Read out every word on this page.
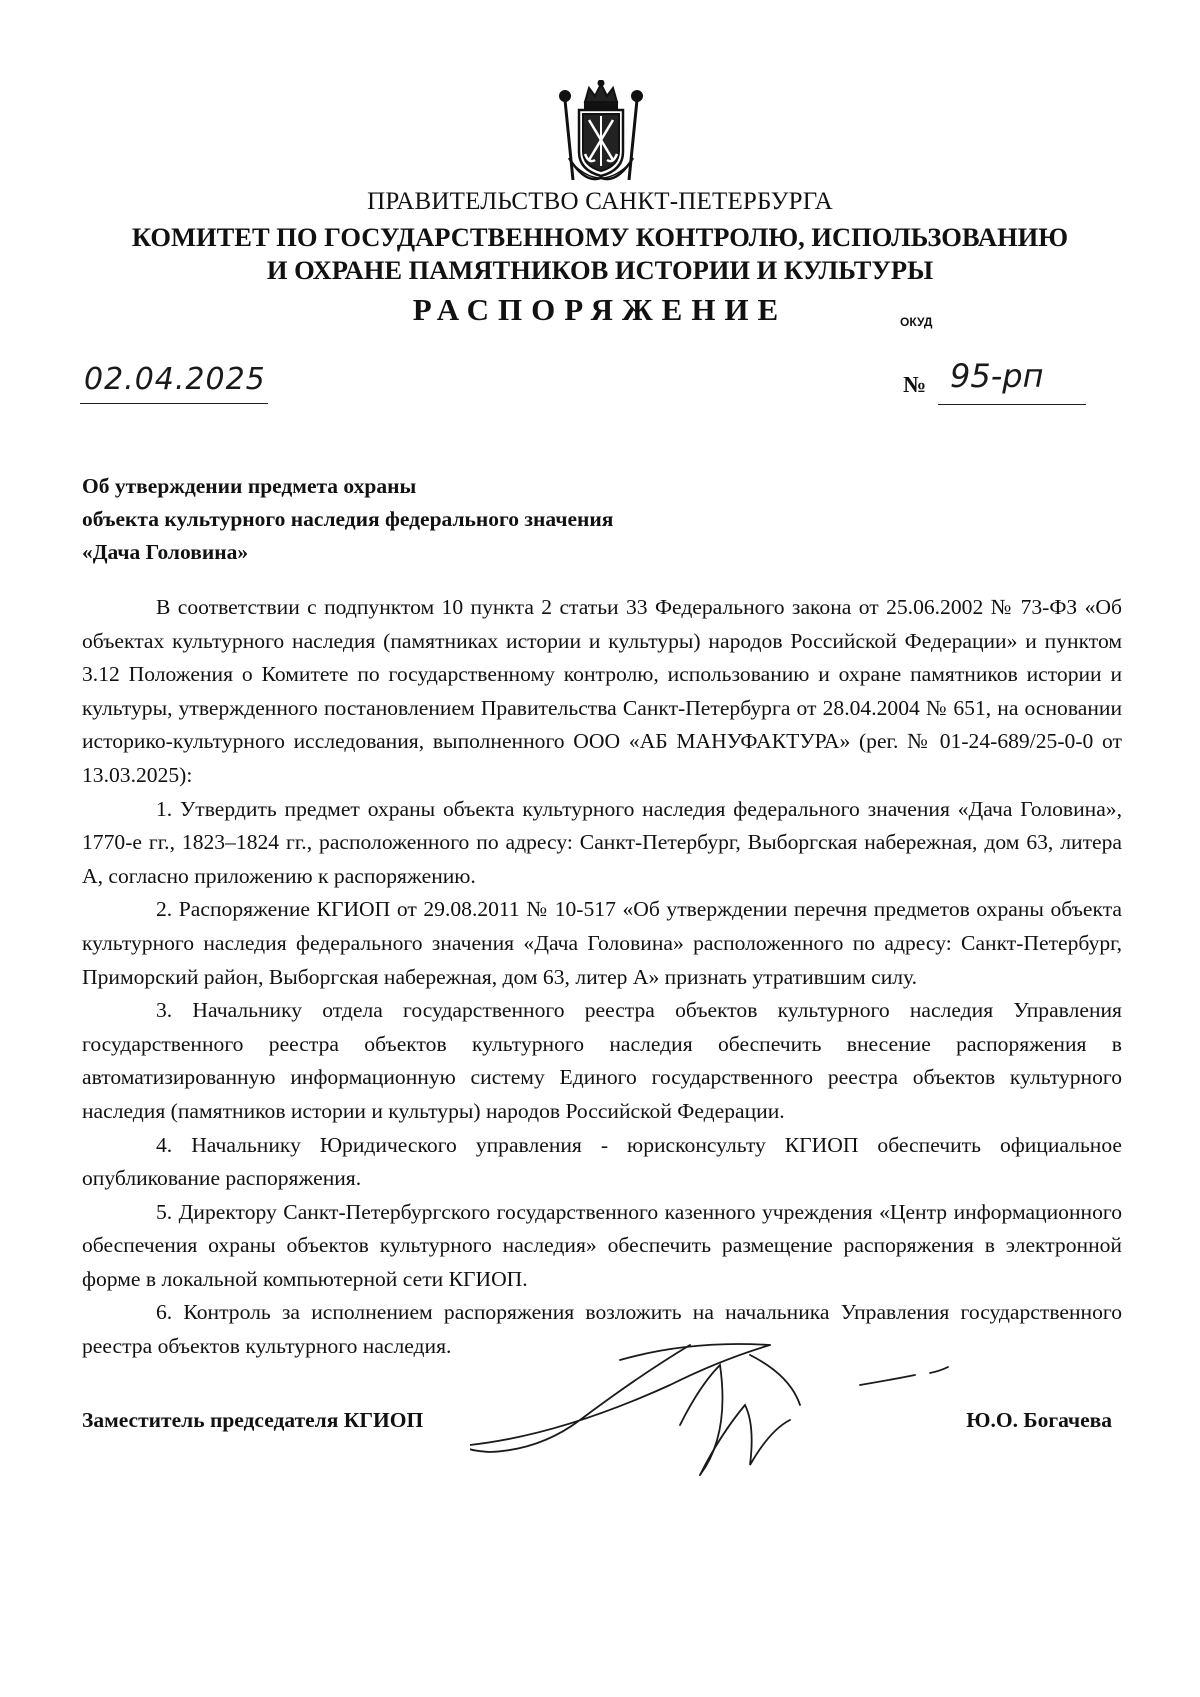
ПРАВИТЕЛЬСТВО САНКТ-ПЕТЕРБУРГА
КОМИТЕТ ПО ГОСУДАРСТВЕННОМУ КОНТРОЛЮ, ИСПОЛЬЗОВАНИЮ
И ОХРАНЕ ПАМЯТНИКОВ ИСТОРИИ И КУЛЬТУРЫ
РАСПОРЯЖЕНИЕ	ОКУД
02.04.2025	№ 95-рп
Об утверждении предмета охраны
объекта культурного наследия федерального значения
«Дача Головина»

В соответствии с подпунктом 10 пункта 2 статьи 33 Федерального закона от 25.06.2002 № 73-ФЗ «Об объектах культурного наследия (памятниках истории и культуры) народов Российской Федерации» и пунктом 3.12 Положения о Комитете по государственному контролю, использованию и охране памятников истории и культуры, утвержденного постановлением Правительства Санкт-Петербурга от 28.04.2004 № 651, на основании историко-культурного исследования, выполненного ООО «АБ МАНУФАКТУРА» (рег. № 01-24-689/25-0-0 от 13.03.2025):

1. Утвердить предмет охраны объекта культурного наследия федерального значения «Дача Головина», 1770-е гг., 1823–1824 гг., расположенного по адресу: Санкт-Петербург, Выборгская набережная, дом 63, литера А, согласно приложению к распоряжению.

2. Распоряжение КГИОП от 29.08.2011 № 10-517 «Об утверждении перечня предметов охраны объекта культурного наследия федерального значения «Дача Головина» расположенного по адресу: Санкт-Петербург, Приморский район, Выборгская набережная, дом 63, литер А» признать утратившим силу.

3. Начальнику отдела государственного реестра объектов культурного наследия Управления государственного реестра объектов культурного наследия обеспечить внесение распоряжения в автоматизированную информационную систему Единого государственного реестра объектов культурного наследия (памятников истории и культуры) народов Российской Федерации.

4. Начальнику Юридического управления - юрисконсульту КГИОП обеспечить официальное опубликование распоряжения.

5. Директору Санкт-Петербургского государственного казенного учреждения «Центр информационного обеспечения охраны объектов культурного наследия» обеспечить размещение распоряжения в электронной форме в локальной компьютерной сети КГИОП.

6. Контроль за исполнением распоряжения возложить на начальника Управления государственного реестра объектов культурного наследия.

Заместитель председателя КГИОП	Ю.О. Богачева
